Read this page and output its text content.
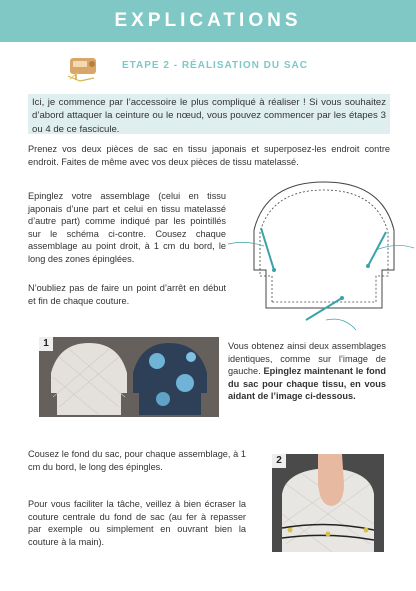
EXPLICATIONS
ETAPE 2 - RÉALISATION DU SAC
Ici, je commence par l’accessoire le plus compliqué à réaliser ! Si vous souhaitez d’abord attaquer la ceinture ou le nœud, vous pouvez commencer par les étapes 3 ou 4 de ce fascicule.

Prenez vos deux pièces de sac en tissu japonais et superposez-les endroit contre endroit. Faites de même avec vos deux pièces de tissu matelassé.

Epinglez votre assemblage (celui en tissu japonais d’une part et celui en tissu matelassé d’autre part) comme indiqué par les pointillés sur le schéma ci-contre. Cousez chaque assemblage au point droit, à 1 cm du bord, le long des zones épinglées.

N’oubliez pas de faire un point d’arrêt en début et fin de chaque couture.

1	Vous obtenez ainsi deux assemblages identiques, comme sur l’image de gauche. Epinglez maintenant le fond du sac pour chaque tissu, en vous aidant de l’image ci-dessous.

Cousez le fond du sac, pour chaque assemblage, à 1 cm du bord, le long des épingles.

Pour vous faciliter la tâche, veillez à bien écraser la couture centrale du fond de sac (au fer à repasser par exemple ou simplement en ouvrant bien la couture à la main).

2
